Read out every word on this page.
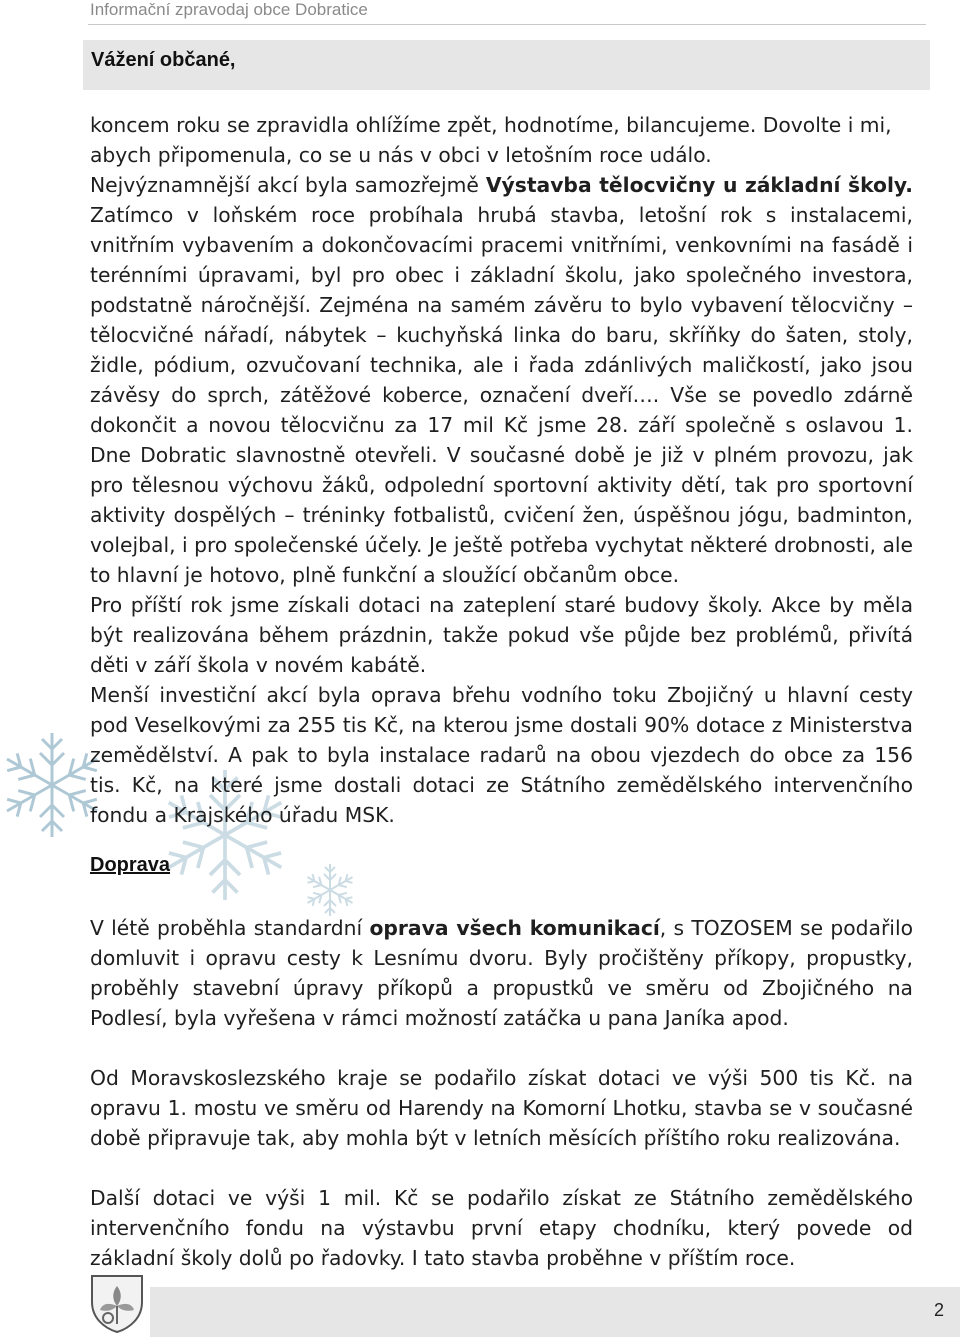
Informační zpravodaj obce Dobratice
Vážení občané,

koncem roku se zpravidla ohlížíme zpět, hodnotíme, bilancujeme. Dovolte i mi,
abych připomenula, co se u nás v obci v letošním roce událo.

Nejvýznamnější akcí byla samozřejmě Výstavba tělocvičny u základní školy. Zatímco v loňském roce probíhala hrubá stavba, letošní rok s instalacemi, vnitřním vybavením a dokončovacími pracemi vnitřními, venkovními na fasádě i terénními úpravami, byl pro obec i základní školu, jako společného investora, podstatně náročnější. Zejména na samém závěru to bylo vybavení tělocvičny – tělocvičné nářadí, nábytek – kuchyňská linka do baru, skříňky do šaten, stoly, židle, pódium, ozvučovaní technika, ale i řada zdánlivých maličkostí, jako jsou závěsy do sprch, zátěžové koberce, označení dveří…. Vše se povedlo zdárně dokončit a novou tělocvičnu za 17 mil Kč jsme 28. září společně s oslavou 1. Dne Dobratic slavnostně otevřeli. V současné době je již v plném provozu, jak pro tělesnou výchovu žáků, odpolední sportovní aktivity dětí, tak pro sportovní aktivity dospělých – tréninky fotbalistů, cvičení žen, úspěšnou jógu, badminton, volejbal, i pro společenské účely. Je ještě potřeba vychytat některé drobnosti, ale to hlavní je hotovo, plně funkční a sloužící občanům obce.

Pro příští rok jsme získali dotaci na zateplení staré budovy školy. Akce by měla být realizována během prázdnin, takže pokud vše půjde bez problémů, přivítá děti v září škola v novém kabátě.

Menší investiční akcí byla oprava břehu vodního toku Zbojičný u hlavní cesty pod Veselkovými za 255 tis Kč, na kterou jsme dostali 90% dotace z Ministerstva zemědělství. A pak to byla instalace radarů na obou vjezdech do obce za 156 tis. Kč, na které jsme dostali dotaci ze Státního zemědělského intervenčního fondu a Krajského úřadu MSK.

Doprava

V létě proběhla standardní oprava všech komunikací, s TOZOSEM se podařilo domluvit i opravu cesty k Lesnímu dvoru. Byly pročištěny příkopy, propustky, proběhly stavební úpravy příkopů a propustků ve směru od Zbojičného na Podlesí, byla vyřešena v rámci možností zatáčka u pana Janíka apod.

Od Moravskoslezského kraje se podařilo získat dotaci ve výši 500 tis Kč. na opravu 1. mostu ve směru od Harendy na Komorní Lhotku, stavba se v současné době připravuje tak, aby mohla být v letních měsících příštího roku realizována.

Další dotaci ve výši 1 mil. Kč se podařilo získat ze Státního zemědělského intervenčního fondu na výstavbu první etapy chodníku, který povede od základní školy dolů po řadovky. I tato stavba proběhne v příštím roce.

2
